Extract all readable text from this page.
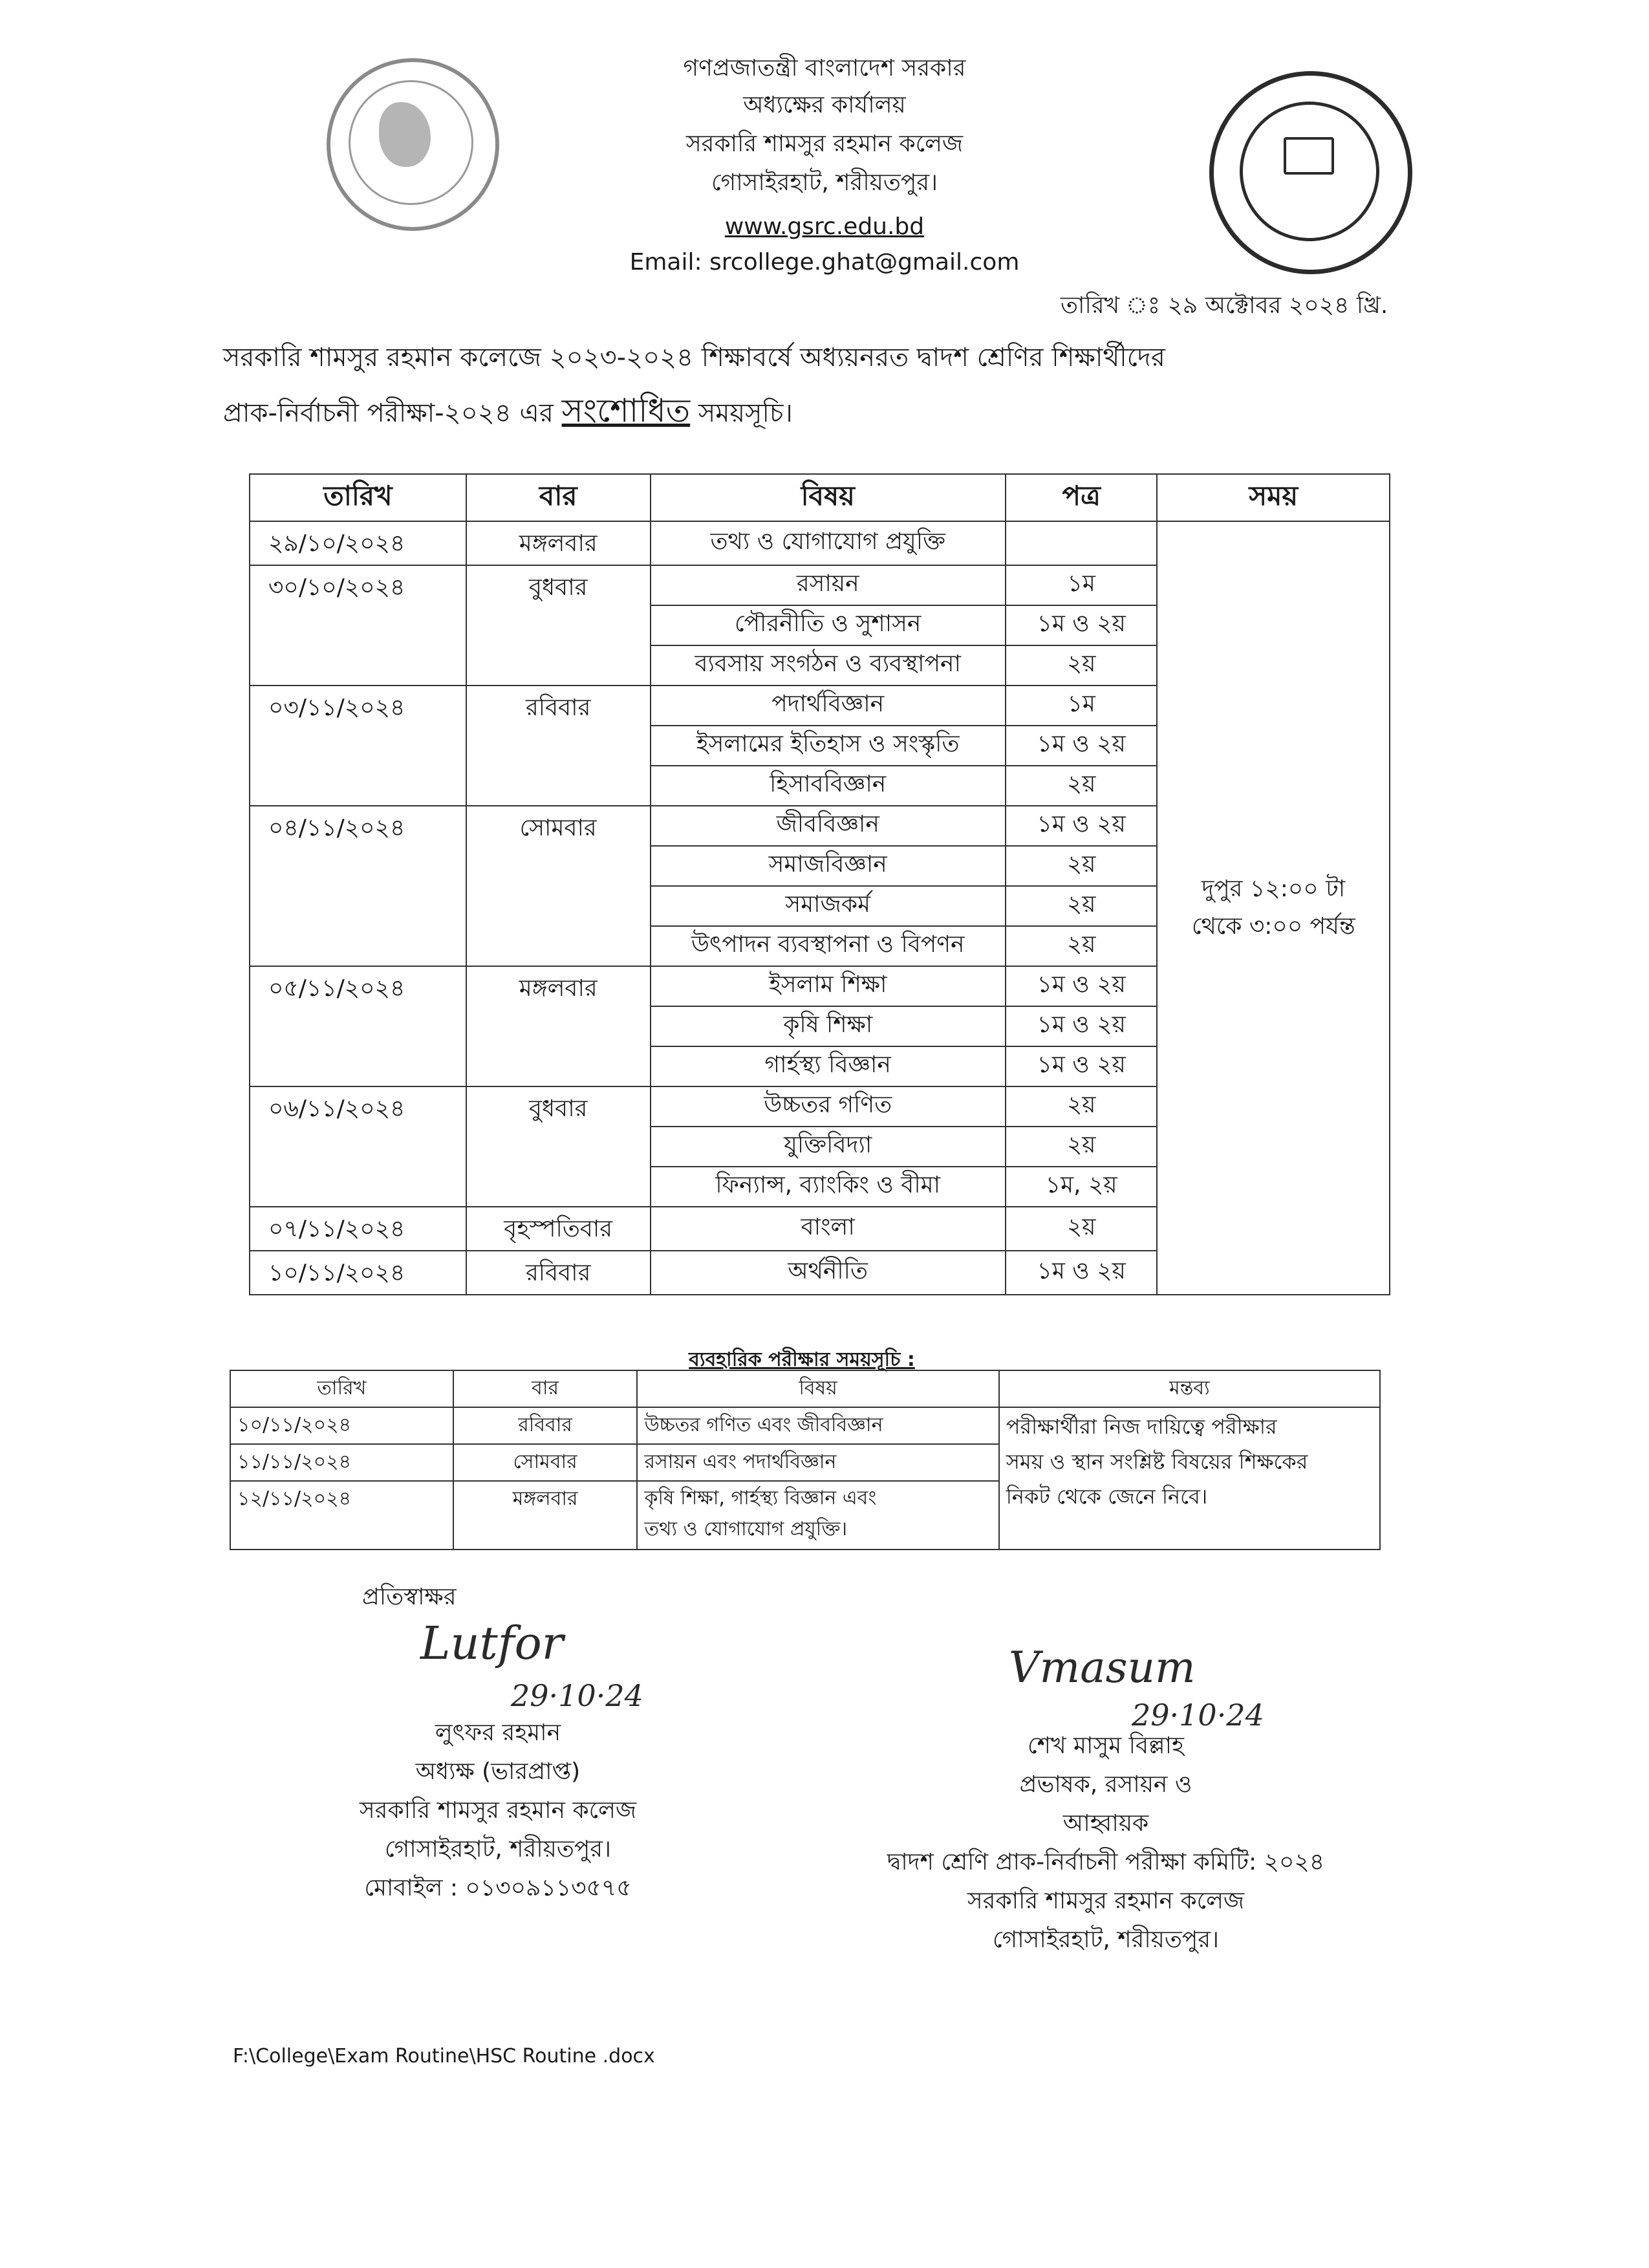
গণপ্রজাতন্ত্রী বাংলাদেশ সরকার
অধ্যক্ষের কার্যালয়
সরকারি শামসুর রহমান কলেজ
গোসাইরহাট, শরীয়তপুর।
www.gsrc.edu.bd
Email: srcollege.ghat@gmail.com
তারিখ ঃ ২৯ অক্টোবর ২০২৪ খ্রি.
সরকারি শামসুর রহমান কলেজে ২০২৩-২০২৪ শিক্ষাবর্ষে অধ্যয়নরত দ্বাদশ শ্রেণির শিক্ষার্থীদের
প্রাক-নির্বাচনী পরীক্ষা-২০২৪ এর সংশোধিত সময়সূচি।
তারিখ	বার	বিষয়	পত্র	সময়
২৯/১০/২০২৪	মঙ্গলবার	তথ্য ও যোগাযোগ প্রযুক্তি		দুপুর ১২:০০ টা
থেকে ৩:০০ পর্যন্ত

৩০/১০/২০২৪	বুধবার	রসায়ন	১ম	
		পৌরনীতি ও সুশাসন	১ম ও ২য়	
		ব্যবসায় সংগঠন ও ব্যবস্থাপনা	২য়	
০৩/১১/২০২৪	রবিবার	পদার্থবিজ্ঞান	১ম	
		ইসলামের ইতিহাস ও সংস্কৃতি	১ম ও ২য়	
		হিসাববিজ্ঞান	২য়	
০৪/১১/২০২৪	সোমবার	জীববিজ্ঞান	১ম ও ২য়	
		সমাজবিজ্ঞান	২য়	
		সমাজকর্ম	২য়	
		উৎপাদন ব্যবস্থাপনা ও বিপণন	২য়	
০৫/১১/২০২৪	মঙ্গলবার	ইসলাম শিক্ষা	১ম ও ২য়	
		কৃষি শিক্ষা	১ম ও ২য়	
		গার্হস্থ্য বিজ্ঞান	১ম ও ২য়	
০৬/১১/২০২৪	বুধবার	উচ্চতর গণিত	২য়	
		যুক্তিবিদ্যা	২য়	
		ফিন্যান্স, ব্যাংকিং ও বীমা	১ম, ২য়	
০৭/১১/২০২৪	বৃহস্পতিবার	বাংলা	২য়	
১০/১১/২০২৪	রবিবার	অর্থনীতি	১ম ও ২য়	
ব্যবহারিক পরীক্ষার সময়সূচি :
তারিখ	বার	বিষয়	মন্তব্য
১০/১১/২০২৪	রবিবার	উচ্চতর গণিত এবং জীববিজ্ঞান	পরীক্ষার্থীরা নিজ দায়িত্বে পরীক্ষার
সময় ও স্থান সংশ্লিষ্ট বিষয়ের শিক্ষকের
নিকট থেকে জেনে নিবে।

১১/১১/২০২৪	সোমবার	রসায়ন এবং পদার্থবিজ্ঞান	
১২/১১/২০২৪	মঙ্গলবার	কৃষি শিক্ষা, গার্হস্থ্য বিজ্ঞান এবং
তথ্য ও যোগাযোগ প্রযুক্তি।	
প্রতিস্বাক্ষর
Lutfor
29·10·24
লুৎফর রহমান
অধ্যক্ষ (ভারপ্রাপ্ত)
সরকারি শামসুর রহমান কলেজ
গোসাইরহাট, শরীয়তপুর।
মোবাইল : ০১৩০৯১১৩৫৭৫
Vmasum
29·10·24
শেখ মাসুম বিল্লাহ
প্রভাষক, রসায়ন ও
আহ্বায়ক
দ্বাদশ শ্রেণি প্রাক-নির্বাচনী পরীক্ষা কমিটি: ২০২৪
সরকারি শামসুর রহমান কলেজ
গোসাইরহাট, শরীয়তপুর।
F:\College\Exam Routine\HSC Routine .docx
